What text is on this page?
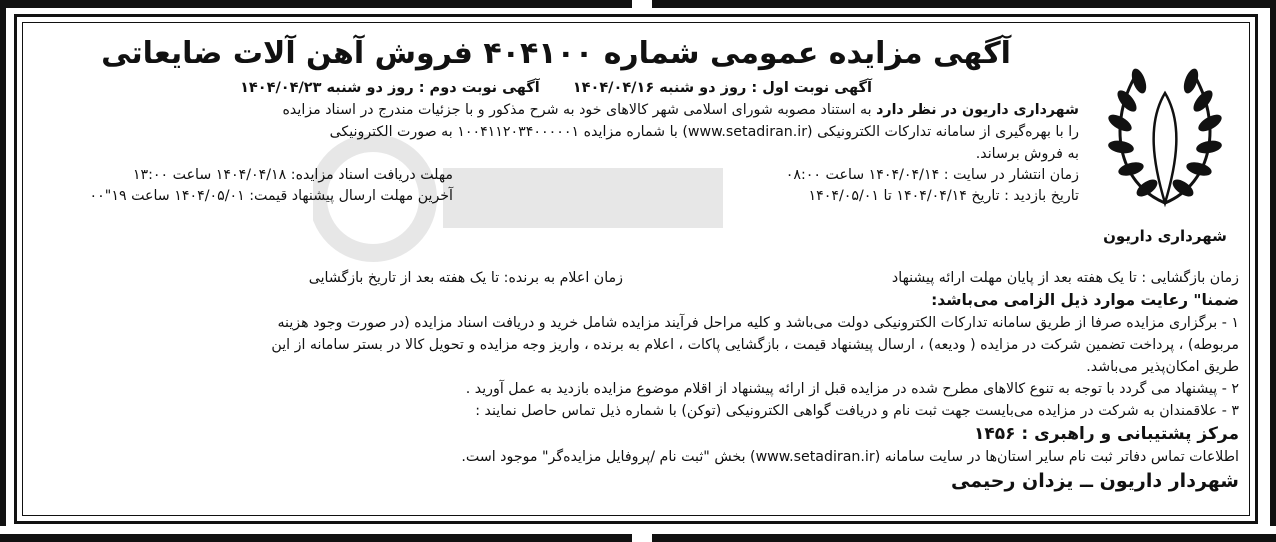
شهرداری داریون
آگهی مزایده عمومی شماره ۴۰۴۱۰۰ فروش آهن آلات ضایعاتی
آگهی نوبت اول : روز دو شنبه ۱۴۰۴/۰۴/۱۶ آگهی نوبت دوم : روز دو شنبه ۱۴۰۴/۰۴/۲۳

شهرداری داریون در نظر دارد به استناد مصوبه شورای اسلامی شهر کالاهای خود به شرح مذکور و با جزئیات مندرج در اسناد مزایده

را با بهره‌گیری از سامانه تدارکات الکترونیکی (www.setadiran.ir) با شماره مزایده ۱۰۰۴۱۱۲۰۳۴۰۰۰۰۰۱ به صورت الکترونیکی

به فروش برساند.

زمان انتشار در سایت : ۱۴۰۴/۰۴/۱۴ ساعت ۰۸:۰۰
مهلت دریافت اسناد مزایده: ۱۴۰۴/۰۴/۱۸ ساعت ۱۳:۰۰
تاریخ بازدید : تاریخ ۱۴۰۴/۰۴/۱۴ تا ۱۴۰۴/۰۵/۰۱
آخرین مهلت ارسال پیشنهاد قیمت: ۱۴۰۴/۰۵/۰۱ ساعت ۱۹"۰۰
زمان بازگشایی : تا یک هفته بعد از پایان مهلت ارائه پیشنهاد
زمان اعلام به برنده: تا یک هفته بعد از تاریخ بازگشایی

ضمنا" رعایت موارد ذیل الزامی می‌باشد:

۱ - برگزاری مزایده صرفا از طریق سامانه تدارکات الکترونیکی دولت می‌باشد و کلیه مراحل فرآیند مزایده شامل خرید و دریافت اسناد مزایده (در صورت وجود هزینه

مربوطه) ، پرداخت تضمین شرکت در مزایده ( ودیعه) ، ارسال پیشنهاد قیمت ، بازگشایی پاکات ، اعلام به برنده ، واریز وجه مزایده و تحویل کالا در بستر سامانه از این

طریق امکان‌پذیر می‌باشد.

۲ - پیشنهاد می گردد با توجه به تنوع کالاهای مطرح شده در مزایده قبل از ارائه پیشنهاد از اقلام موضوع مزایده بازدید به عمل آورید .

۳ - علاقمندان به شرکت در مزایده می‌بایست جهت ثبت نام و دریافت گواهی الکترونیکی (توکن) با شماره ذیل تماس حاصل نمایند :

مرکز پشتیبانی و راهبری : ۱۴۵۶

اطلاعات تماس دفاتر ثبت نام سایر استان‌ها در سایت سامانه (www.setadiran.ir) بخش "ثبت نام /پروفایل مزایده‌گر" موجود است.

شهردار داریون ــ یزدان رحیمی
